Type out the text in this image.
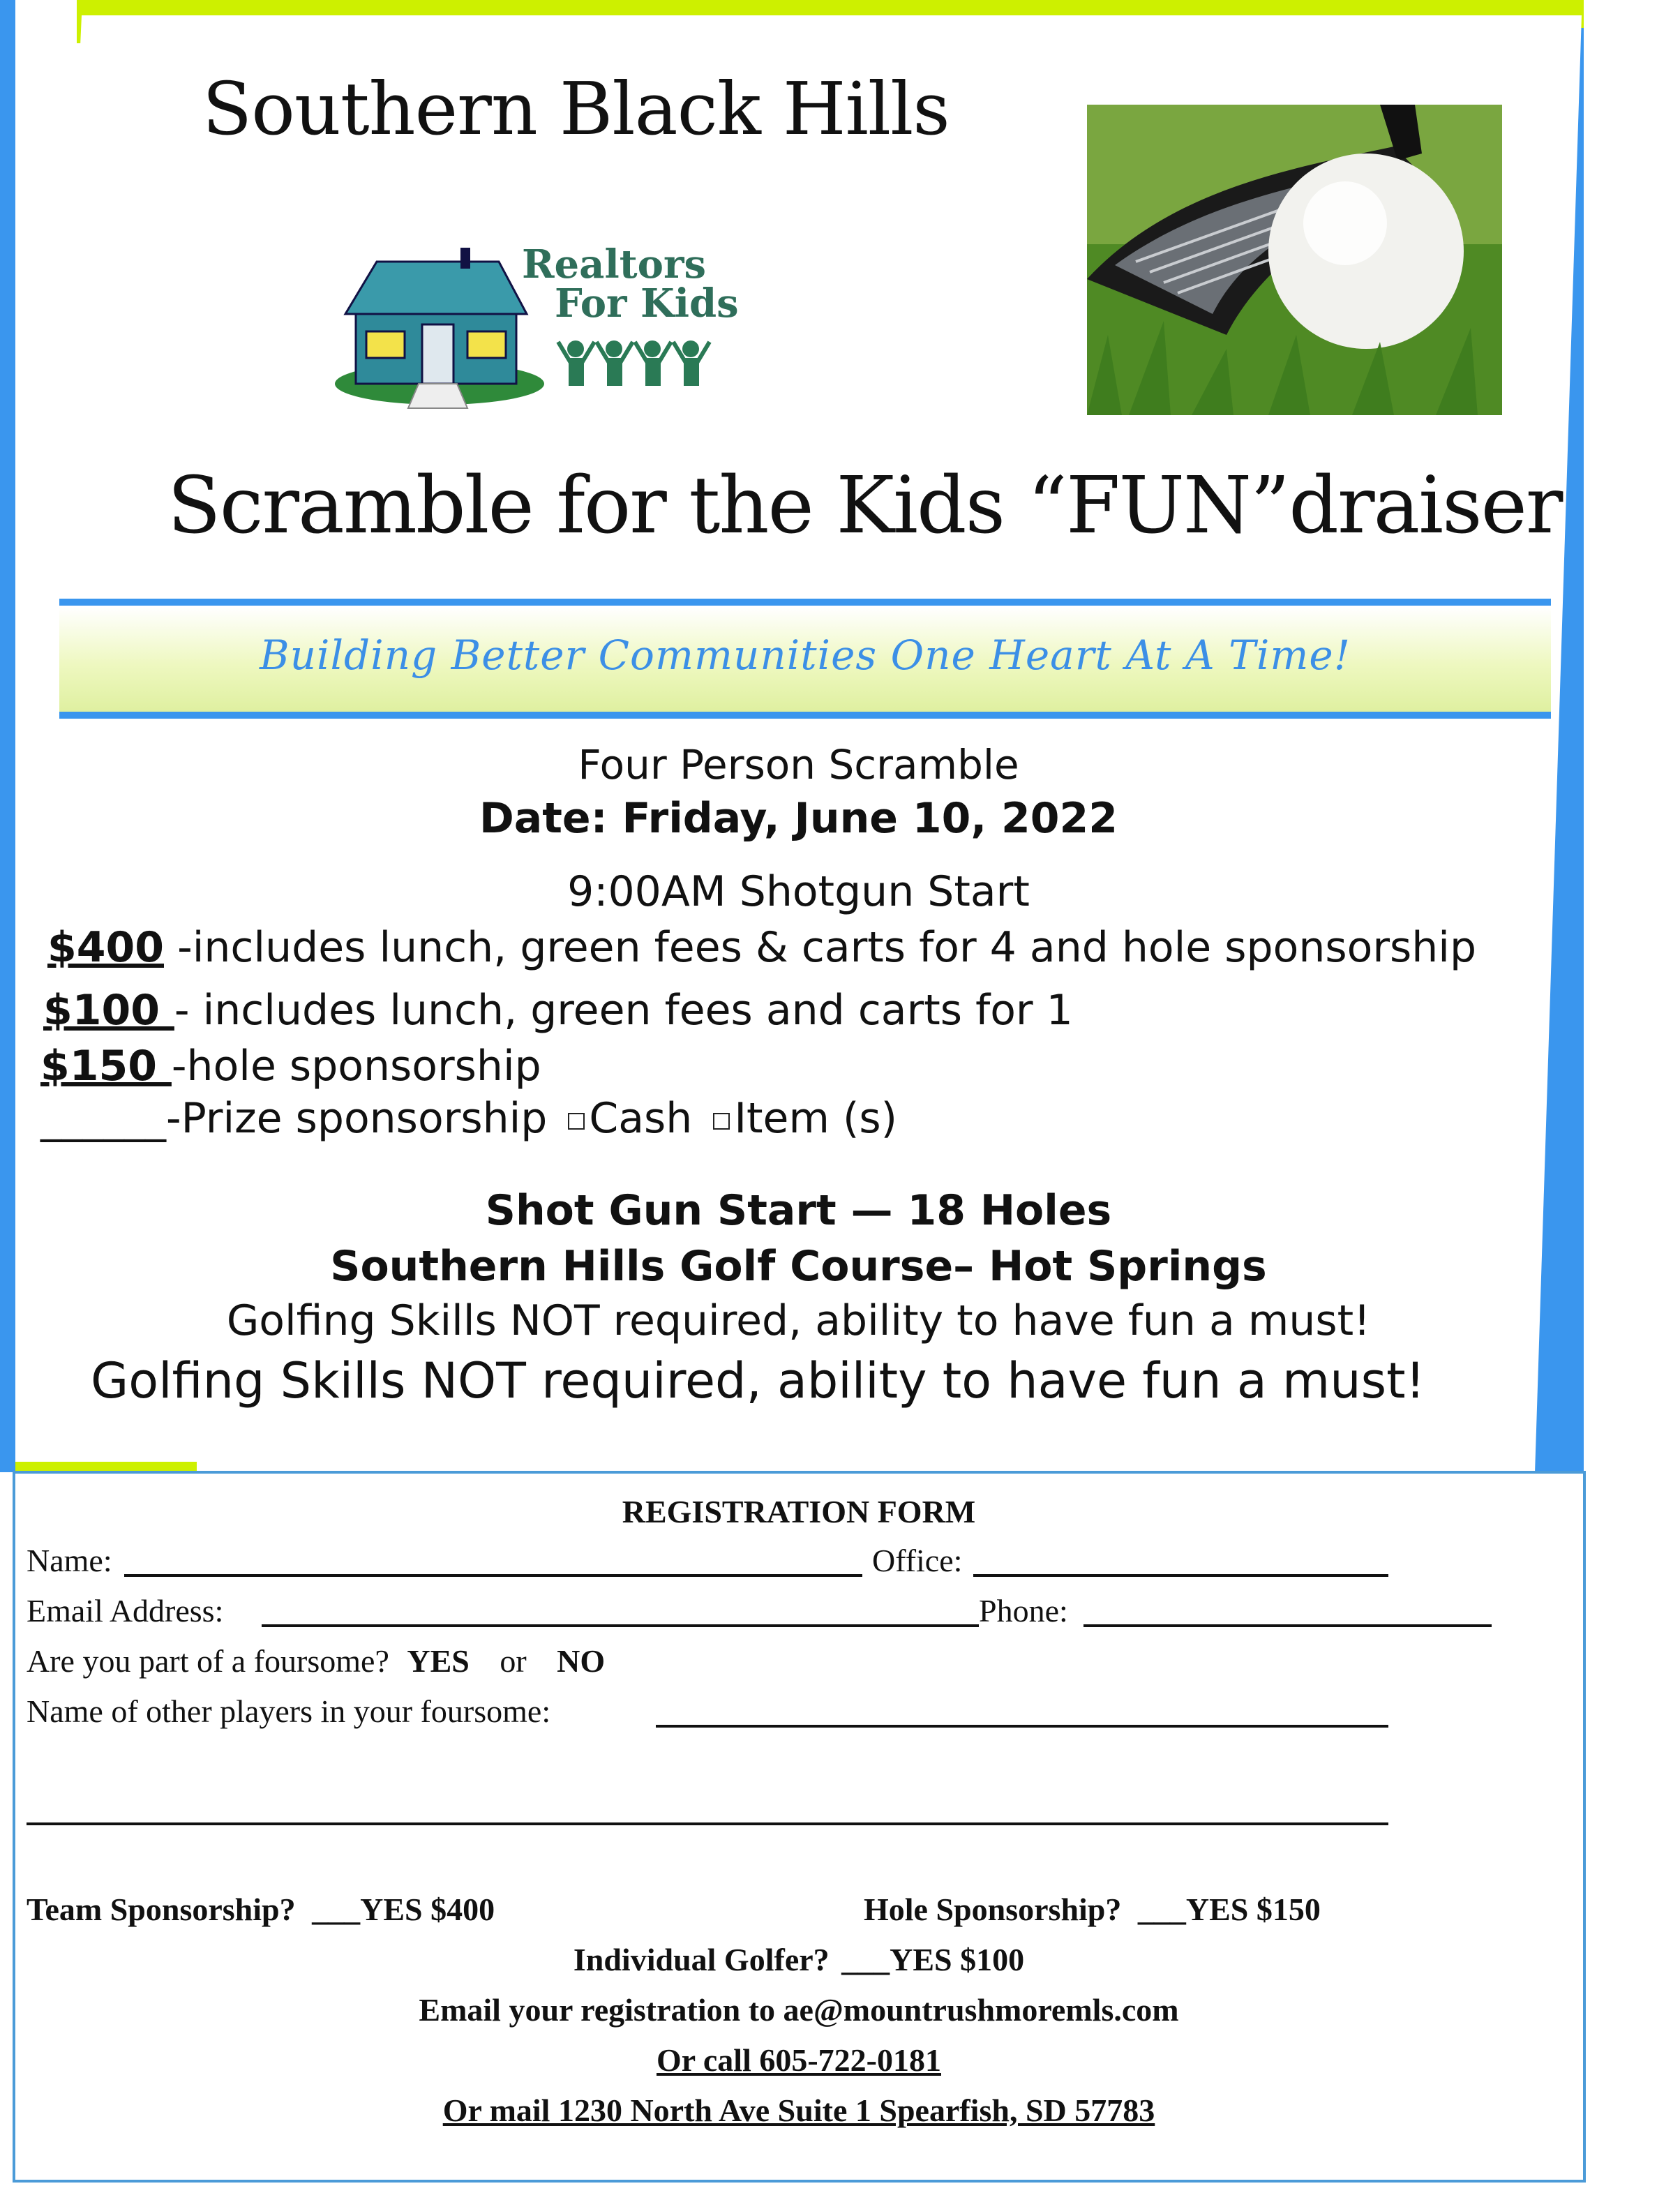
Southern Black Hills
Realtors
For Kids
Scramble for the Kids “FUN”draiser
Building Better Communities One Heart At A Time!
Four Person Scramble
Date: Friday, June 10, 2022
9:00AM Shotgun Start
$400 -includes lunch, green fees & carts for 4 and hole sponsorship
$100 - includes lunch, green fees and carts for 1
$150 -hole sponsorship
______-Prize sponsorship Cash Item (s)
Shot Gun Start — 18 Holes
Southern Hills Golf Course– Hot Springs
Golfing Skills NOT required, ability to have fun a must!
Golfing Skills NOT required, ability to have fun a must!
REGISTRATION FORM
Name:	Office:
Email Address:	Phone:
Are you part of a foursome? YES or NO
Name of other players in your foursome:
Team Sponsorship? ___YES $400	Hole Sponsorship? ___YES $150
Individual Golfer? ___YES $100
Email your registration to ae@mountrushmoremls.com
Or call 605-722-0181
Or mail 1230 North Ave Suite 1 Spearfish, SD 57783
